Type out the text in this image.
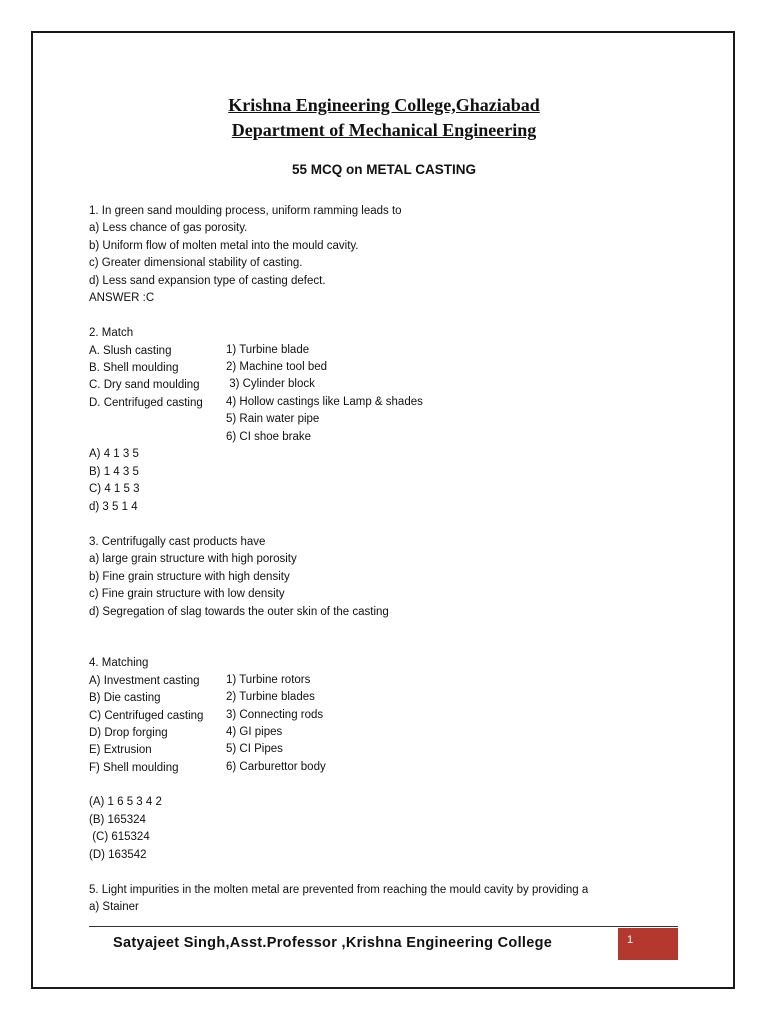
Krishna Engineering College,Ghaziabad
Department of Mechanical Engineering
55 MCQ on METAL CASTING
1. In green sand moulding process, uniform ramming leads to
a) Less chance of gas porosity.
b) Uniform flow of molten metal into the mould cavity.
c) Greater dimensional stability of casting.
d) Less sand expansion type of casting defect.
ANSWER :C
2. Match
A. Slush casting	1) Turbine blade
B. Shell moulding	2) Machine tool bed
C. Dry sand moulding 3) Cylinder block
D. Centrifuged casting 4) Hollow castings like Lamp & shades
5) Rain water pipe
6) CI shoe brake
A) 4 1 3 5
B) 1 4 3 5
C) 4 1 5 3
d) 3 5 1 4
3. Centrifugally cast products have
a) large grain structure with high porosity
b) Fine grain structure with high density
c) Fine grain structure with low density
d) Segregation of slag towards the outer skin of the casting
4. Matching
A) Investment casting 1) Turbine rotors
B) Die casting	2) Turbine blades
C) Centrifuged casting 3) Connecting rods
D) Drop forging	4) GI pipes
E) Extrusion	5) CI Pipes
F) Shell moulding	6) Carburettor body
(A) 1 6 5 3 4 2
(B) 165324
(C) 615324
(D) 163542
5. Light impurities in the molten metal are prevented from reaching the mould cavity by providing a
a) Stainer
Satyajeet Singh,Asst.Professor ,Krishna Engineering College	1
